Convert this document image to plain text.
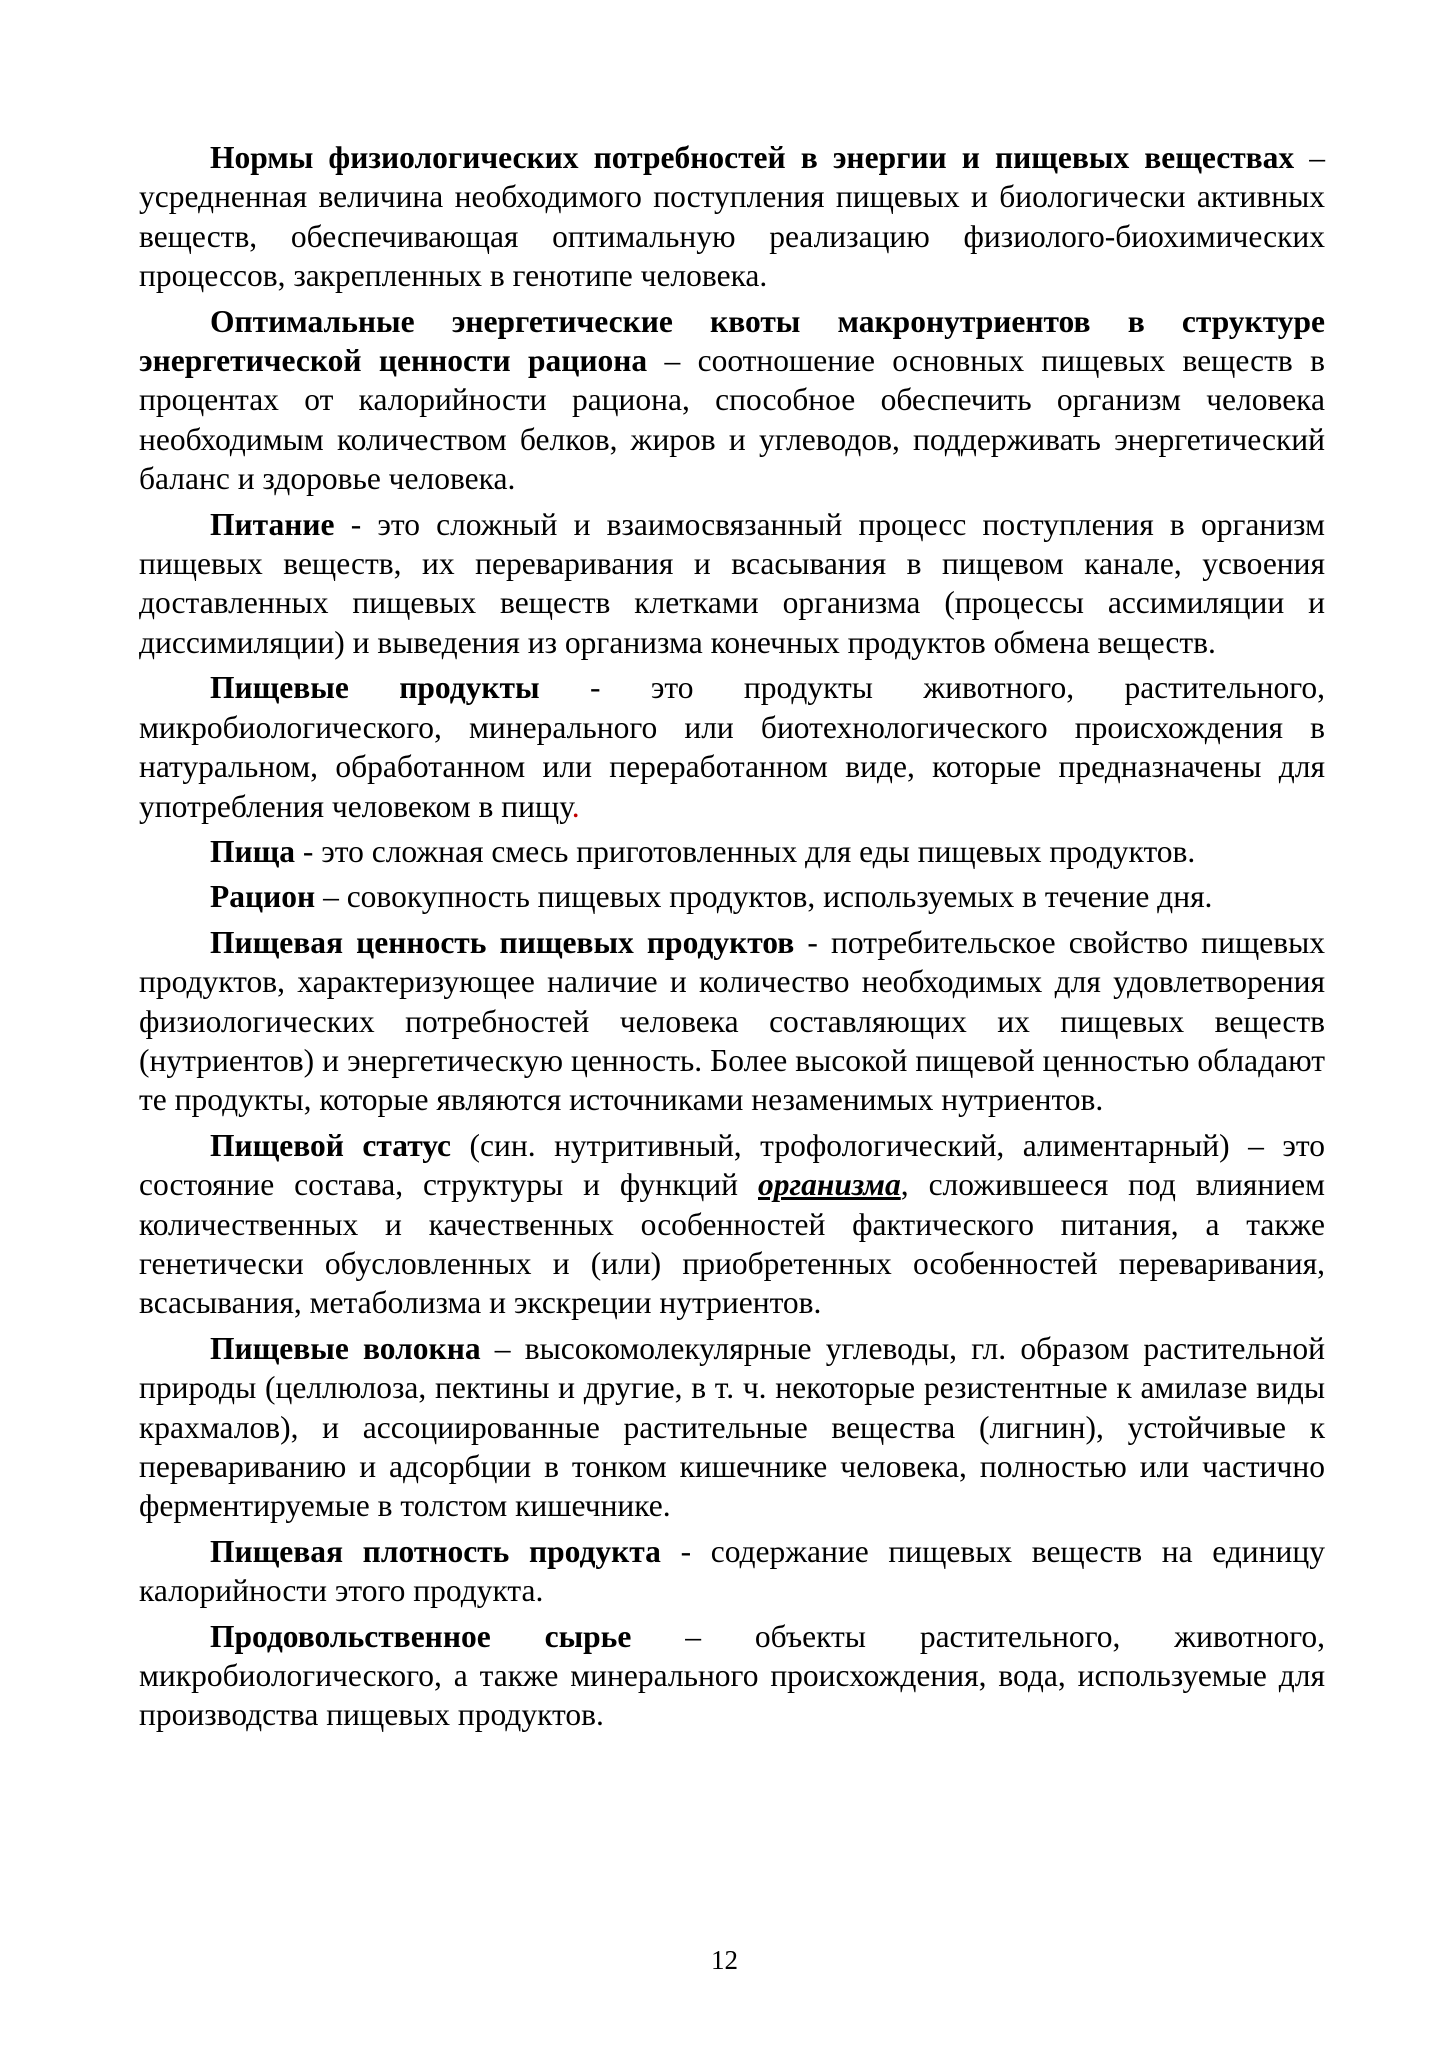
Нормы физиологических потребностей в энергии и пищевых веществах – усредненная величина необходимого поступления пищевых и биологически активных веществ, обеспечивающая оптимальную реализацию физиолого-биохимических процессов, закрепленных в генотипе человека.

Оптимальные энергетические квоты макронутриентов в структуре энергетической ценности рациона – соотношение основных пищевых веществ в процентах от калорийности рациона, способное обеспечить организм человека необходимым количеством белков, жиров и углеводов, поддерживать энергетический баланс и здоровье человека.

Питание - это сложный и взаимосвязанный процесс поступления в организм пищевых веществ, их переваривания и всасывания в пищевом канале, усвоения доставленных пищевых веществ клетками организма (процессы ассимиляции и диссимиляции) и выведения из организма конечных продуктов обмена веществ.

Пищевые продукты - это продукты животного, растительного, микробиологического, минерального или биотехнологического происхождения в натуральном, обработанном или переработанном виде, которые предназначены для употребления человеком в пищу.

Пища - это сложная смесь приготовленных для еды пищевых продуктов.

Рацион – совокупность пищевых продуктов, используемых в течение дня.

Пищевая ценность пищевых продуктов - потребительское свойство пищевых продуктов, характеризующее наличие и количество необходимых для удовлетворения физиологических потребностей человека составляющих их пищевых веществ (нутриентов) и энергетическую ценность. Более высокой пищевой ценностью обладают те продукты, которые являются источниками незаменимых нутриентов.

Пищевой статус (син. нутритивный, трофологический, алиментарный) – это состояние состава, структуры и функций организма, сложившееся под влиянием количественных и качественных особенностей фактического питания, а также генетически обусловленных и (или) приобретенных особенностей переваривания, всасывания, метаболизма и экскреции нутриентов.

Пищевые волокна – высокомолекулярные углеводы, гл. образом растительной природы (целлюлоза, пектины и другие, в т. ч. некоторые резистентные к амилазе виды крахмалов), и ассоциированные растительные вещества (лигнин), устойчивые к перевариванию и адсорбции в тонком кишечнике человека, полностью или частично ферментируемые в толстом кишечнике.

Пищевая плотность продукта - содержание пищевых веществ на единицу калорийности этого продукта.

Продовольственное сырье – объекты растительного, животного, микробиологического, а также минерального происхождения, вода, используемые для производства пищевых продуктов.

12
